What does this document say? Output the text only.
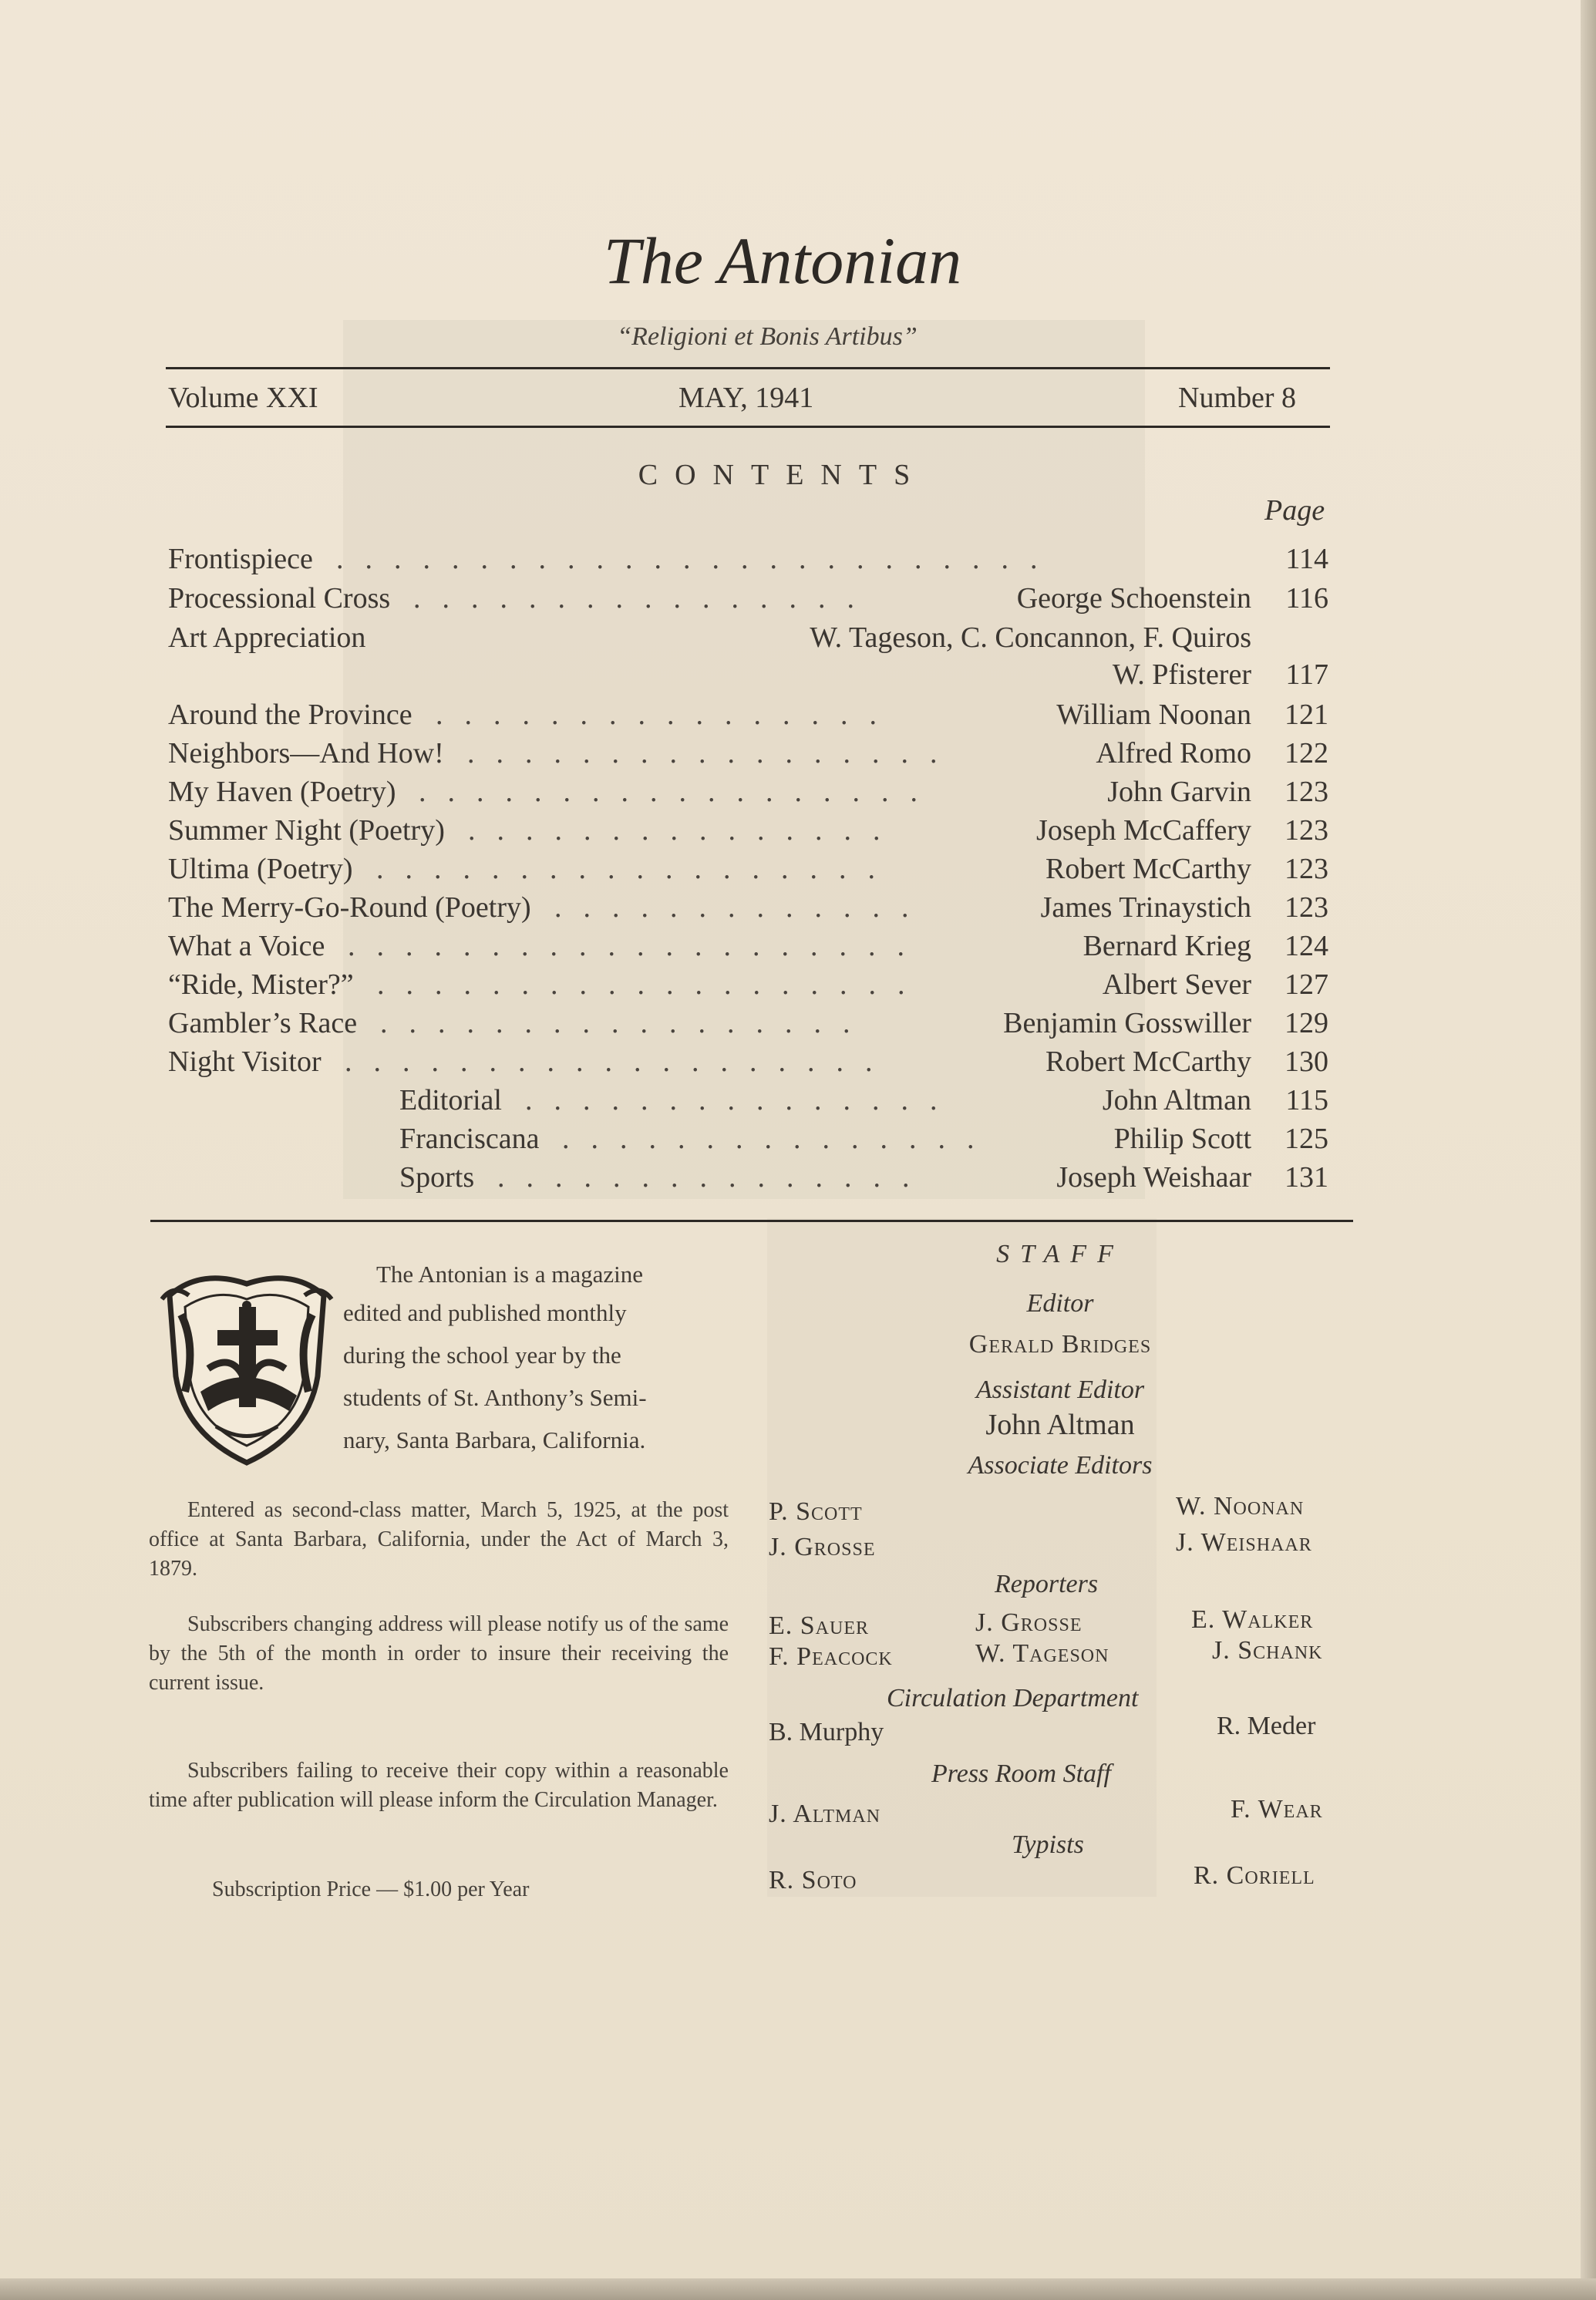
The Antonian
“Religioni et Bonis Artibus”
Volume XXI	MAY, 1941	Number 8
CONTENTS
Page
Frontispiece .........................	114
Processional Cross ................	George Schoenstein	116
Art Appreciation	W. Tageson, C. Concannon, F. Quiros
W. Pfisterer	117
Around the Province ................	William Noonan	121
Neighbors—And How! .................	Alfred Romo	122
My Haven (Poetry) ..................	John Garvin	123
Summer Night (Poetry) ...............	Joseph McCaffery	123
Ultima (Poetry) ..................	Robert McCarthy	123
The Merry-Go-Round (Poetry) .............	James Trinaystich	123
What a Voice ....................	Bernard Krieg	124
“Ride, Mister?” ...................	Albert Sever	127
Gambler’s Race .................	Benjamin Gosswiller	129
Night Visitor ...................	Robert McCarthy	130
Editorial ...............	John Altman	115
Franciscana ...............	Philip Scott	125
Sports ...............	Joseph Weishaar	131
The Antonian is a magazine
edited and published monthly
during the school year by the
students of St. Anthony’s Semi-
nary, Santa Barbara, California.
Entered as second-class matter, March 5, 1925, at the post office at Santa Barbara, California, under the Act of March 3, 1879.
Subscribers changing address will please notify us of the same by the 5th of the month in order to insure their receiving the current issue.
Subscribers failing to receive their copy within a reasonable time after publication will please inform the Circulation Manager.
Subscription Price — $1.00 per Year
STAFF
Editor
Gerald Bridges
Assistant Editor
John Altman
Associate Editors
P. Scott	W. Noonan
J. Grosse	J. Weishaar
Reporters
E. Sauer	J. Grosse	E. Walker
F. Peacock	W. Tageson	J. Schank
Circulation Department
B. Murphy	R. Meder
Press Room Staff
J. Altman	F. Wear
Typists
R. Soto	R. Coriell
